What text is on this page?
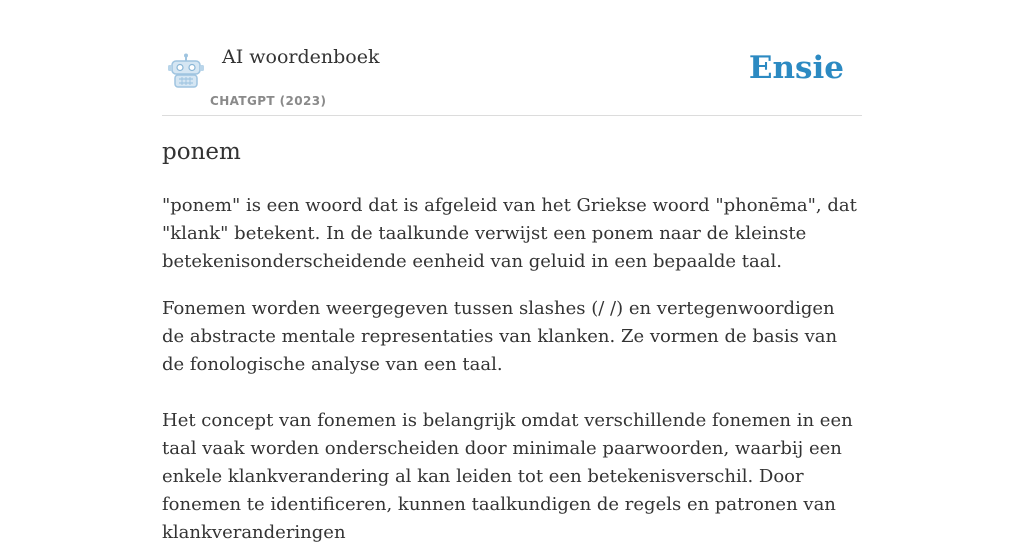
AI woordenboek
CHATGPT (2023)
Ensie
ponem

"ponem" is een woord dat is afgeleid van het Griekse woord "phonēma", dat "klank" betekent. In de taalkunde verwijst een ponem naar de kleinste betekenisonderscheidende eenheid van geluid in een bepaalde taal.

Fonemen worden weergegeven tussen slashes (/ /) en vertegenwoordigen de abstracte mentale representaties van klanken. Ze vormen de basis van de fonologische analyse van een taal.

Het concept van fonemen is belangrijk omdat verschillende fonemen in een taal vaak worden onderscheiden door minimale paarwoorden, waarbij een enkele klankverandering al kan leiden tot een betekenisverschil. Door fonemen te identificeren, kunnen taalkundigen de regels en patronen van klankveranderingen
